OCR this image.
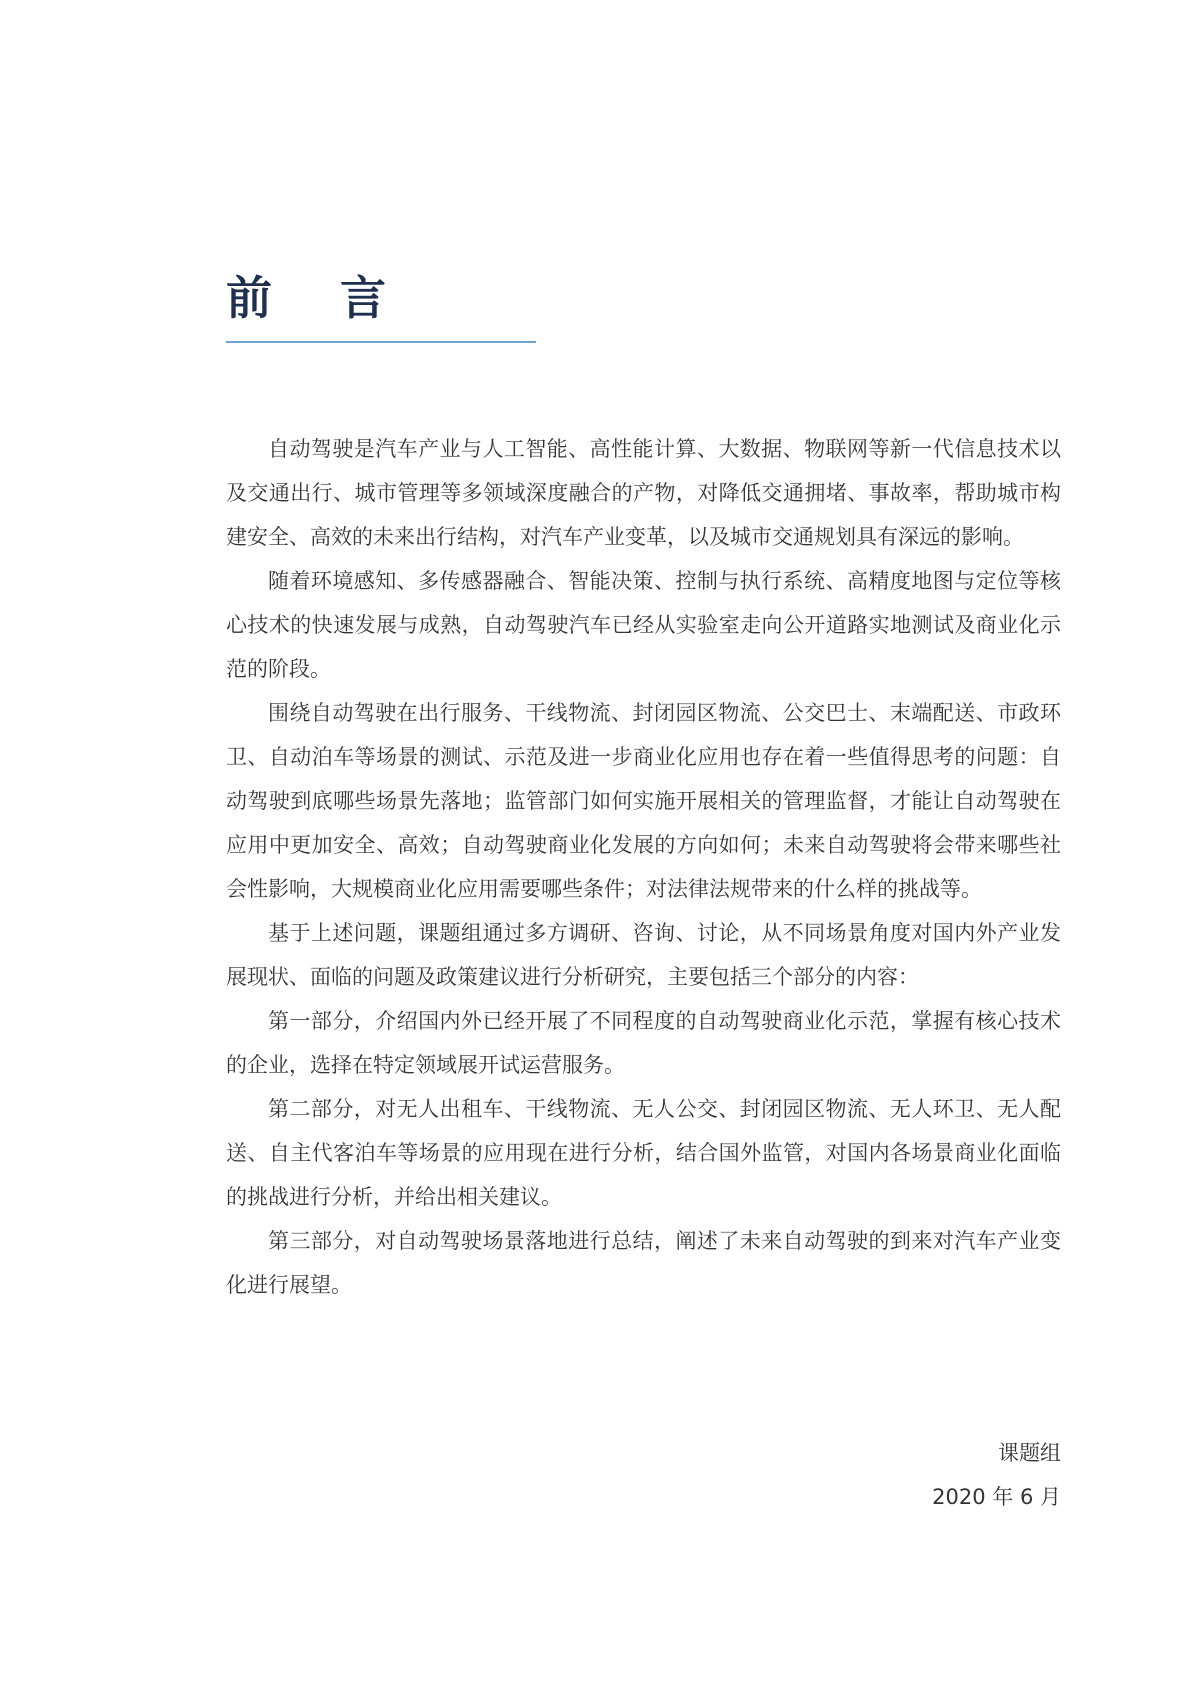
前 言

自动驾驶是汽车产业与人工智能、高性能计算、大数据、物联网等新一代信息技术以及交通出行、城市管理等多领域深度融合的产物，对降低交通拥堵、事故率，帮助城市构建安全、高效的未来出行结构，对汽车产业变革，以及城市交通规划具有深远的影响。

随着环境感知、多传感器融合、智能决策、控制与执行系统、高精度地图与定位等核心技术的快速发展与成熟，自动驾驶汽车已经从实验室走向公开道路实地测试及商业化示范的阶段。

围绕自动驾驶在出行服务、干线物流、封闭园区物流、公交巴士、末端配送、市政环卫、自动泊车等场景的测试、示范及进一步商业化应用也存在着一些值得思考的问题：自动驾驶到底哪些场景先落地；监管部门如何实施开展相关的管理监督，才能让自动驾驶在应用中更加安全、高效；自动驾驶商业化发展的方向如何；未来自动驾驶将会带来哪些社会性影响，大规模商业化应用需要哪些条件；对法律法规带来的什么样的挑战等。

基于上述问题，课题组通过多方调研、咨询、讨论，从不同场景角度对国内外产业发展现状、面临的问题及政策建议进行分析研究，主要包括三个部分的内容：

第一部分，介绍国内外已经开展了不同程度的自动驾驶商业化示范，掌握有核心技术的企业，选择在特定领域展开试运营服务。

第二部分，对无人出租车、干线物流、无人公交、封闭园区物流、无人环卫、无人配送、自主代客泊车等场景的应用现在进行分析，结合国外监管，对国内各场景商业化面临的挑战进行分析，并给出相关建议。

第三部分，对自动驾驶场景落地进行总结，阐述了未来自动驾驶的到来对汽车产业变化进行展望。

课题组
2020 年 6 月
